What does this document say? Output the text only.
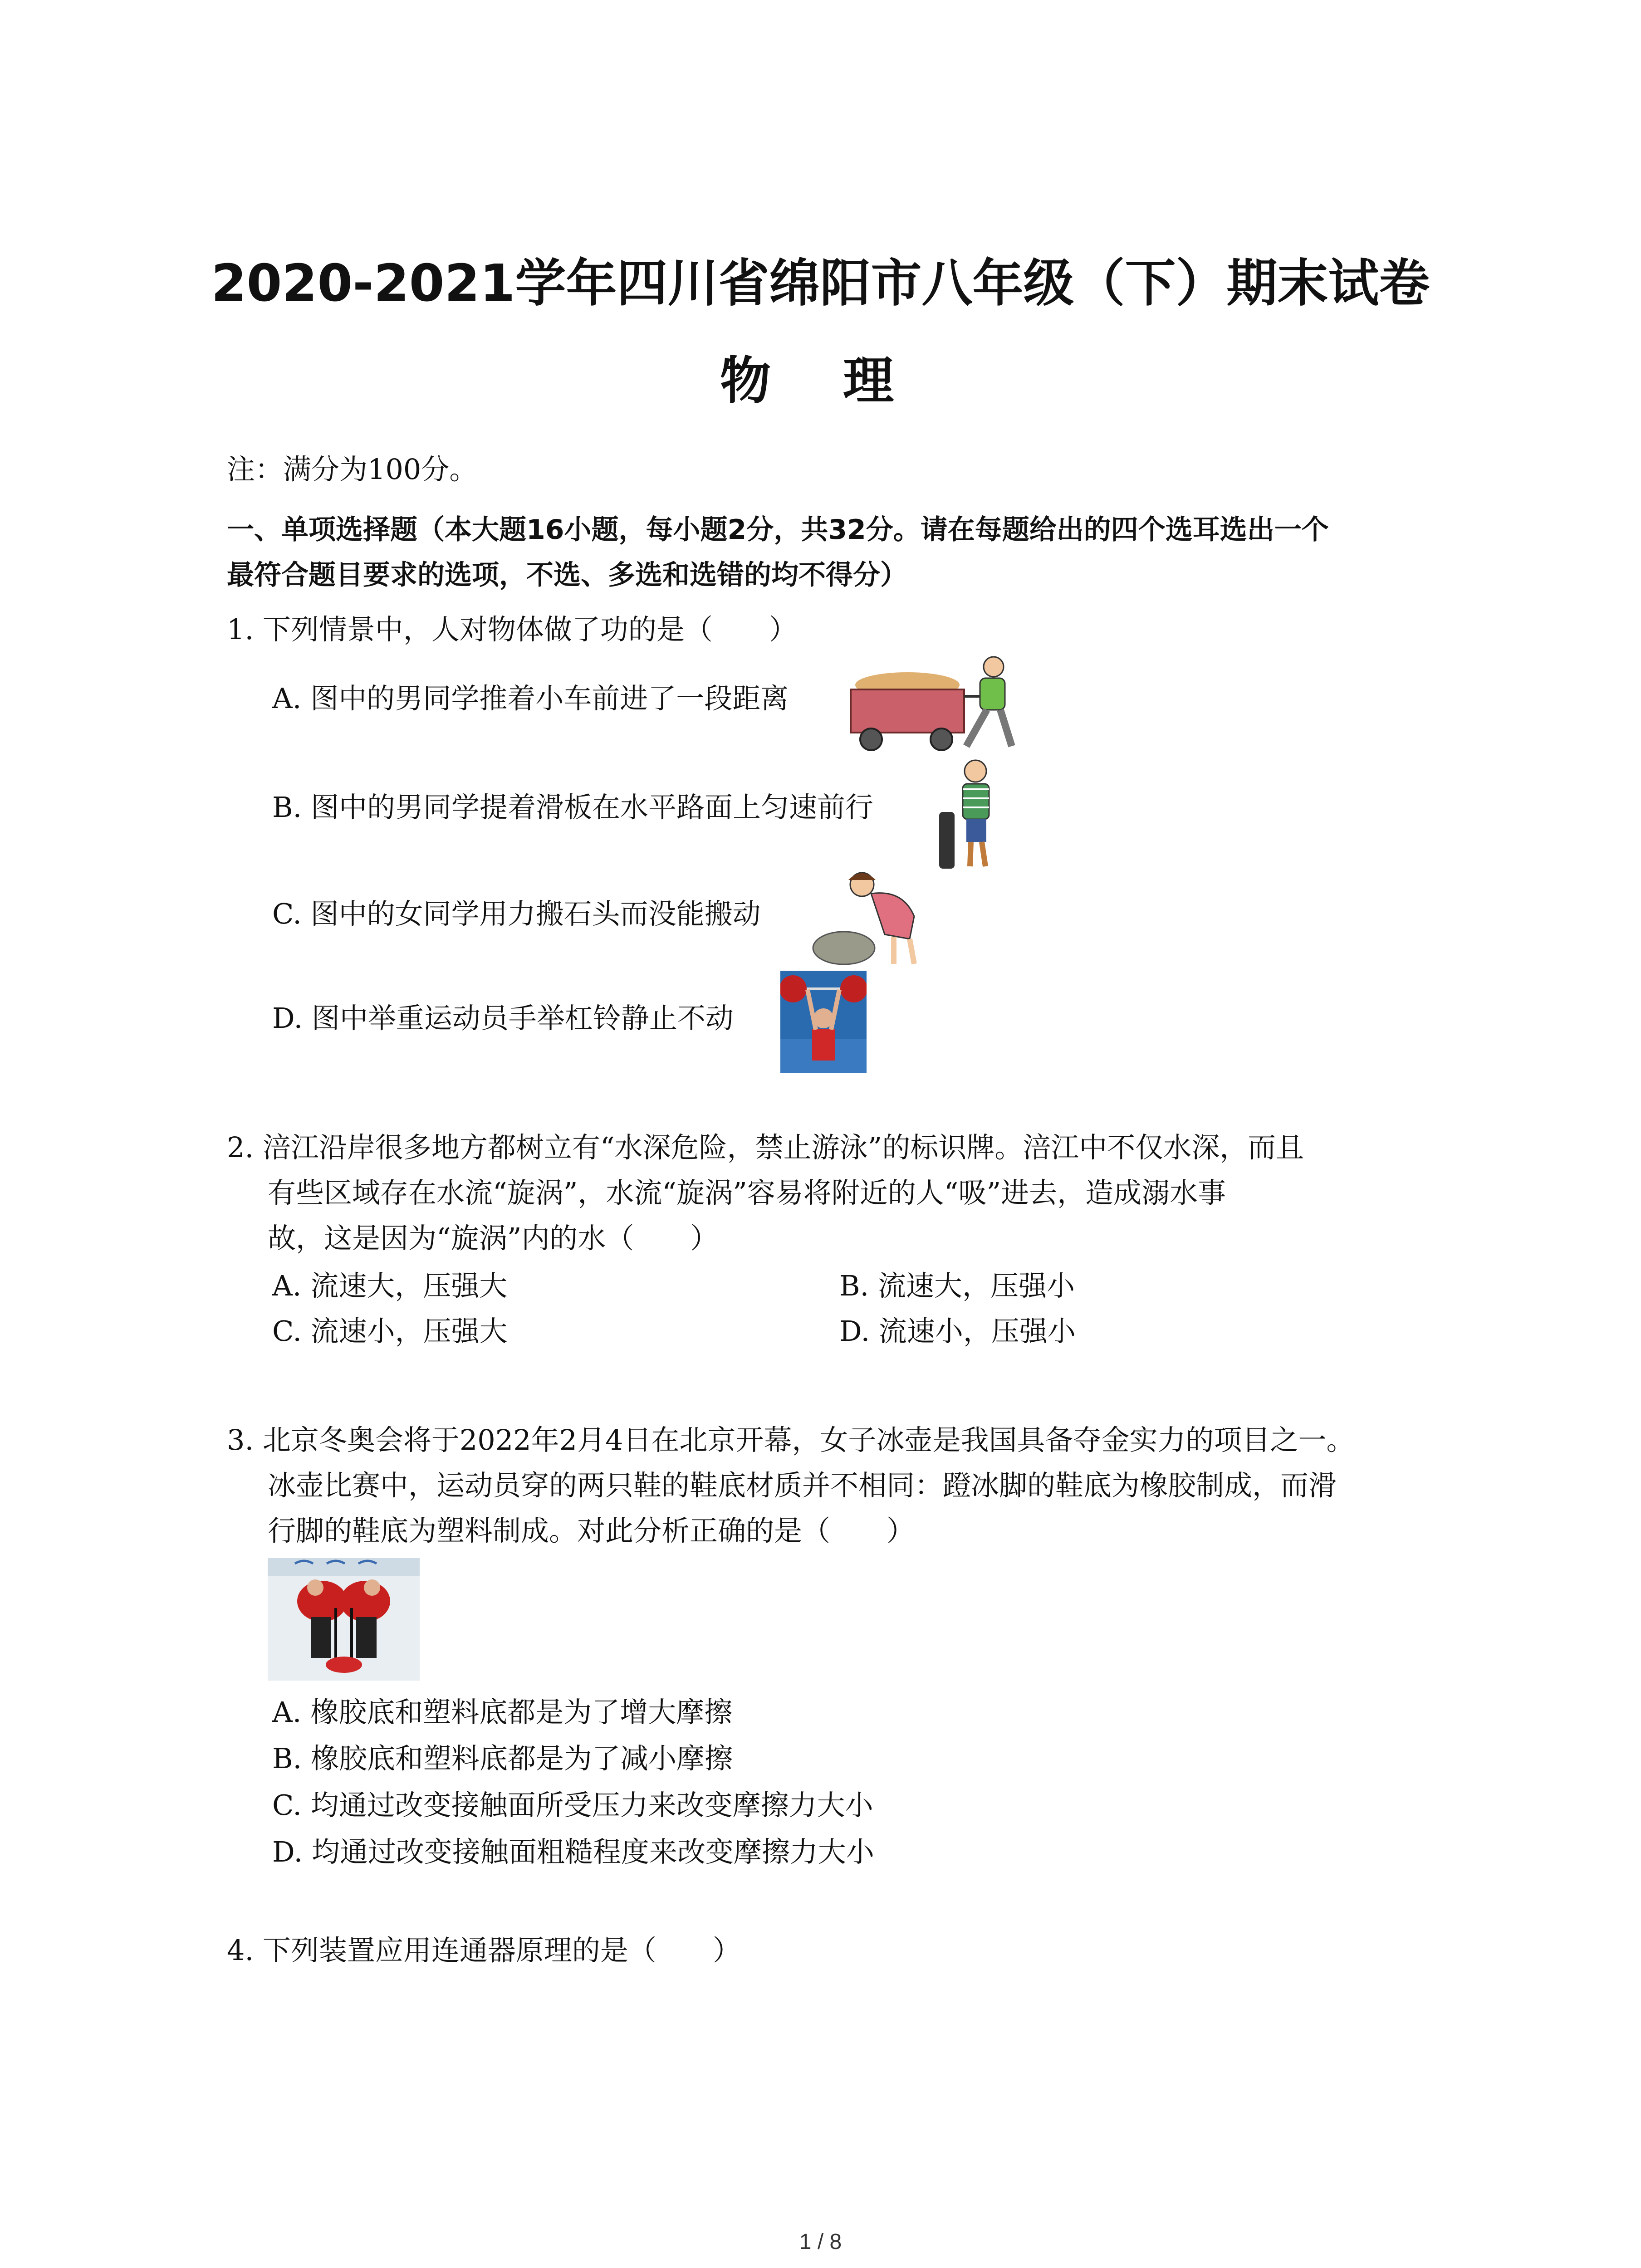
2020-2021学年四川省绵阳市八年级（下）期末试卷
物 理
注：满分为100分。
一、单项选择题（本大题16小题，每小题2分，共32分。请在每题给出的四个选耳选出一个
最符合题目要求的选项，不选、多选和选错的均不得分）
1. 下列情景中，人对物体做了功的是（　　）
A. 图中的男同学推着小车前进了一段距离
B. 图中的男同学提着滑板在水平路面上匀速前行
C. 图中的女同学用力搬石头而没能搬动
D. 图中举重运动员手举杠铃静止不动
2. 涪江沿岸很多地方都树立有“水深危险，禁止游泳”的标识牌。涪江中不仅水深，而且
有些区域存在水流“旋涡”，水流“旋涡”容易将附近的人“吸”进去，造成溺水事
故，这是因为“旋涡”内的水（　　）
A. 流速大，压强大	B. 流速大，压强小
C. 流速小，压强大	D. 流速小，压强小
3. 北京冬奥会将于2022年2月4日在北京开幕，女子冰壶是我国具备夺金实力的项目之一。
冰壶比赛中，运动员穿的两只鞋的鞋底材质并不相同：蹬冰脚的鞋底为橡胶制成，而滑
行脚的鞋底为塑料制成。对此分析正确的是（　　）
A. 橡胶底和塑料底都是为了增大摩擦
B. 橡胶底和塑料底都是为了减小摩擦
C. 均通过改变接触面所受压力来改变摩擦力大小
D. 均通过改变接触面粗糙程度来改变摩擦力大小
4. 下列装置应用连通器原理的是（　　）
1 / 8
